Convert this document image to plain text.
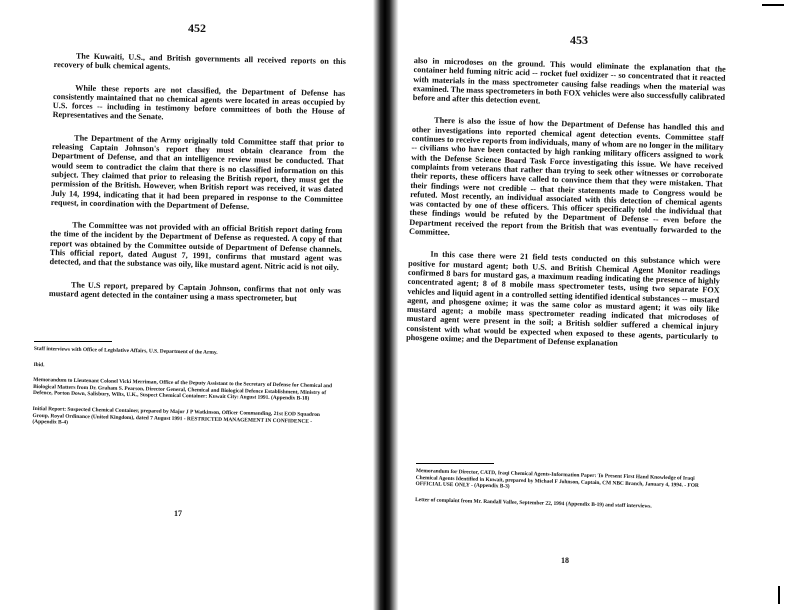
452

The Kuwaiti, U.S., and British governments all received reports on this recovery of bulk chemical agents.

While these reports are not classified, the Department of Defense has consistently maintained that no chemical agents were located in areas occupied by U.S. forces -- including in testimony before committees of both the House of Representatives and the Senate.

The Department of the Army originally told Committee staff that prior to releasing Captain Johnson's report they must obtain clearance from the Department of Defense, and that an intelligence review must be conducted. That would seem to contradict the claim that there is no classified information on this subject. They claimed that prior to releasing the British report, they must get the permission of the British. However, when British report was received, it was dated July 14, 1994, indicating that it had been prepared in response to the Committee request, in coordination with the Department of Defense.

The Committee was not provided with an official British report dating from the time of the incident by the Department of Defense as requested. A copy of that report was obtained by the Committee outside of Department of Defense channels. This official report, dated August 7, 1991, confirms that mustard agent was detected, and that the substance was oily, like mustard agent. Nitric acid is not oily.

The U.S report, prepared by Captain Johnson, confirms that not only was mustard agent detected in the container using a mass spectrometer, but

Staff interviews with Office of Legislative Affairs, U.S. Department of the Army.

Ibid.

Memorandum to Lieutenant Colonel Vicki Merriman, Office of the Deputy Assistant to the Secretary of Defense for Chemical and Biological Matters from Dr. Graham S. Pearson, Director General, Chemical and Biological Defence Establishment, Ministry of Defence, Porton Down, Salisbury, Wilts, U.K., Suspect Chemical Container: Kuwait City: August 1991. (Appendix B-18)

Initial Report: Suspected Chemical Container, prepared by Major J P Watkinson, Officer Commanding, 21st EOD Squadron Group, Royal Ordinance (United Kingdom), dated 7 August 1991 - RESTRICTED MANAGEMENT IN CONFIDENCE - (Appendix B-4)

17
453

also in microdoses on the ground. This would eliminate the explanation that the container held fuming nitric acid -- rocket fuel oxidizer -- so concentrated that it reacted with materials in the mass spectrometer causing false readings when the material was examined. The mass spectrometers in both FOX vehicles were also successfully calibrated before and after this detection event.

There is also the issue of how the Department of Defense has handled this and other investigations into reported chemical agent detection events. Committee staff continues to receive reports from individuals, many of whom are no longer in the military -- civilians who have been contacted by high ranking military officers assigned to work with the Defense Science Board Task Force investigating this issue. We have received complaints from veterans that rather than trying to seek other witnesses or corroborate their reports, these officers have called to convince them that they were mistaken. That their findings were not credible -- that their statements made to Congress would be refuted. Most recently, an individual associated with this detection of chemical agents was contacted by one of these officers. This officer specifically told the individual that these findings would be refuted by the Department of Defense -- even before the Department received the report from the British that was eventually forwarded to the Committee.

In this case there were 21 field tests conducted on this substance which were positive for mustard agent; both U.S. and British Chemical Agent Monitor readings confirmed 8 bars for mustard gas, a maximum reading indicating the presence of highly concentrated agent; 8 of 8 mobile mass spectrometer tests, using two separate FOX vehicles and liquid agent in a controlled setting identified identical substances -- mustard agent, and phosgene oxime; it was the same color as mustard agent; it was oily like mustard agent; a mobile mass spectrometer reading indicated that microdoses of mustard agent were present in the soil; a British soldier suffered a chemical injury consistent with what would be expected when exposed to these agents, particularly to phosgene oxime; and the Department of Defense explanation

Memorandum for Director, CATD, Iraqi Chemical Agents-Information Paper: To Present First Hand Knowledge of Iraqi Chemical Agents Identified in Kuwait, prepared by Michael F Johnson, Captain, CM NBC Branch, January 4, 1994. - FOR OFFICIAL USE ONLY - (Appendix B-3)

Letter of complaint from Mr. Randall Vallee, September 22, 1994 (Appendix B-19) and staff interviews.

18
